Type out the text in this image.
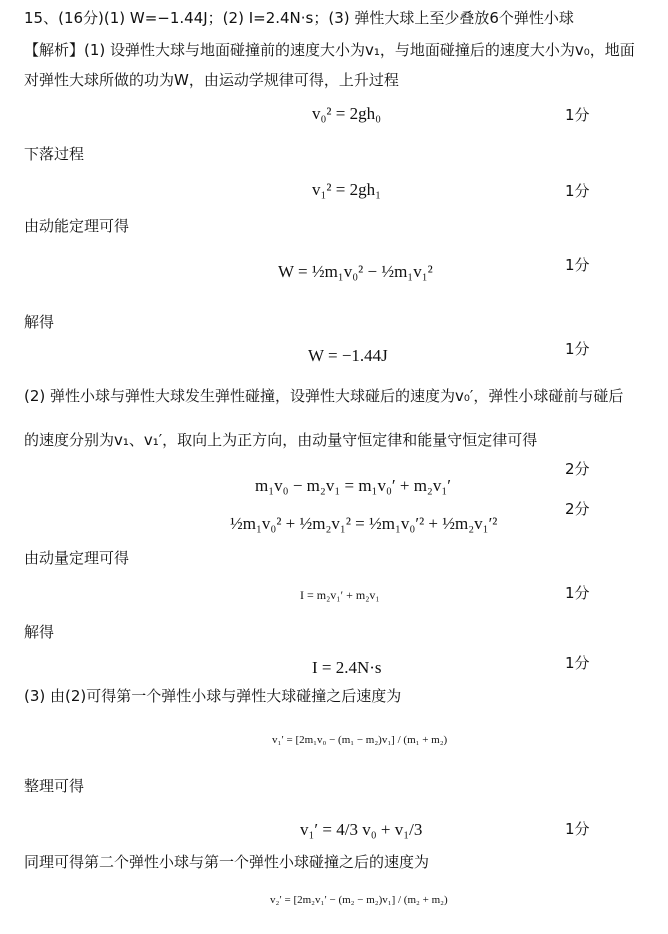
15、(16分)(1) W=−1.44J；(2) I=2.4N·s；(3) 弹性大球上至少叠放6个弹性小球
【解析】(1) 设弹性大球与地面碰撞前的速度大小为v₁，与地面碰撞后的速度大小为v₀，地面
对弹性大球所做的功为W，由运动学规律可得，上升过程
v₀² = 2gh₀	1分
下落过程
v₁² = 2gh₁	1分
由动能定理可得
W = ½m₁v₀² − ½m₁v₁²	1分
解得
W = −1.44J	1分
(2) 弹性小球与弹性大球发生弹性碰撞，设弹性大球碰后的速度为v₀′，弹性小球碰前与碰后
的速度分别为v₁、v₁′，取向上为正方向，由动量守恒定律和能量守恒定律可得
2分
m₁v₀ − m₂v₁ = m₁v₀′ + m₂v₁′
2分
½m₁v₀² + ½m₂v₁² = ½m₁v₀′² + ½m₂v₁′²
由动量定理可得
I = m₂v₁′ + m₂v₁	1分
解得
I = 2.4N·s	1分
(3) 由(2)可得第一个弹性小球与弹性大球碰撞之后速度为
v₁′ = [2m₁v₀ − (m₁ − m₂)v₁] / (m₁ + m₂)
整理可得
v₁′ = 4/3 v₀ + v₁/3	1分
同理可得第二个弹性小球与第一个弹性小球碰撞之后的速度为
v₂′ = [2m₂v₁′ − (m₂ − m₂)v₁] / (m₂ + m₂)
